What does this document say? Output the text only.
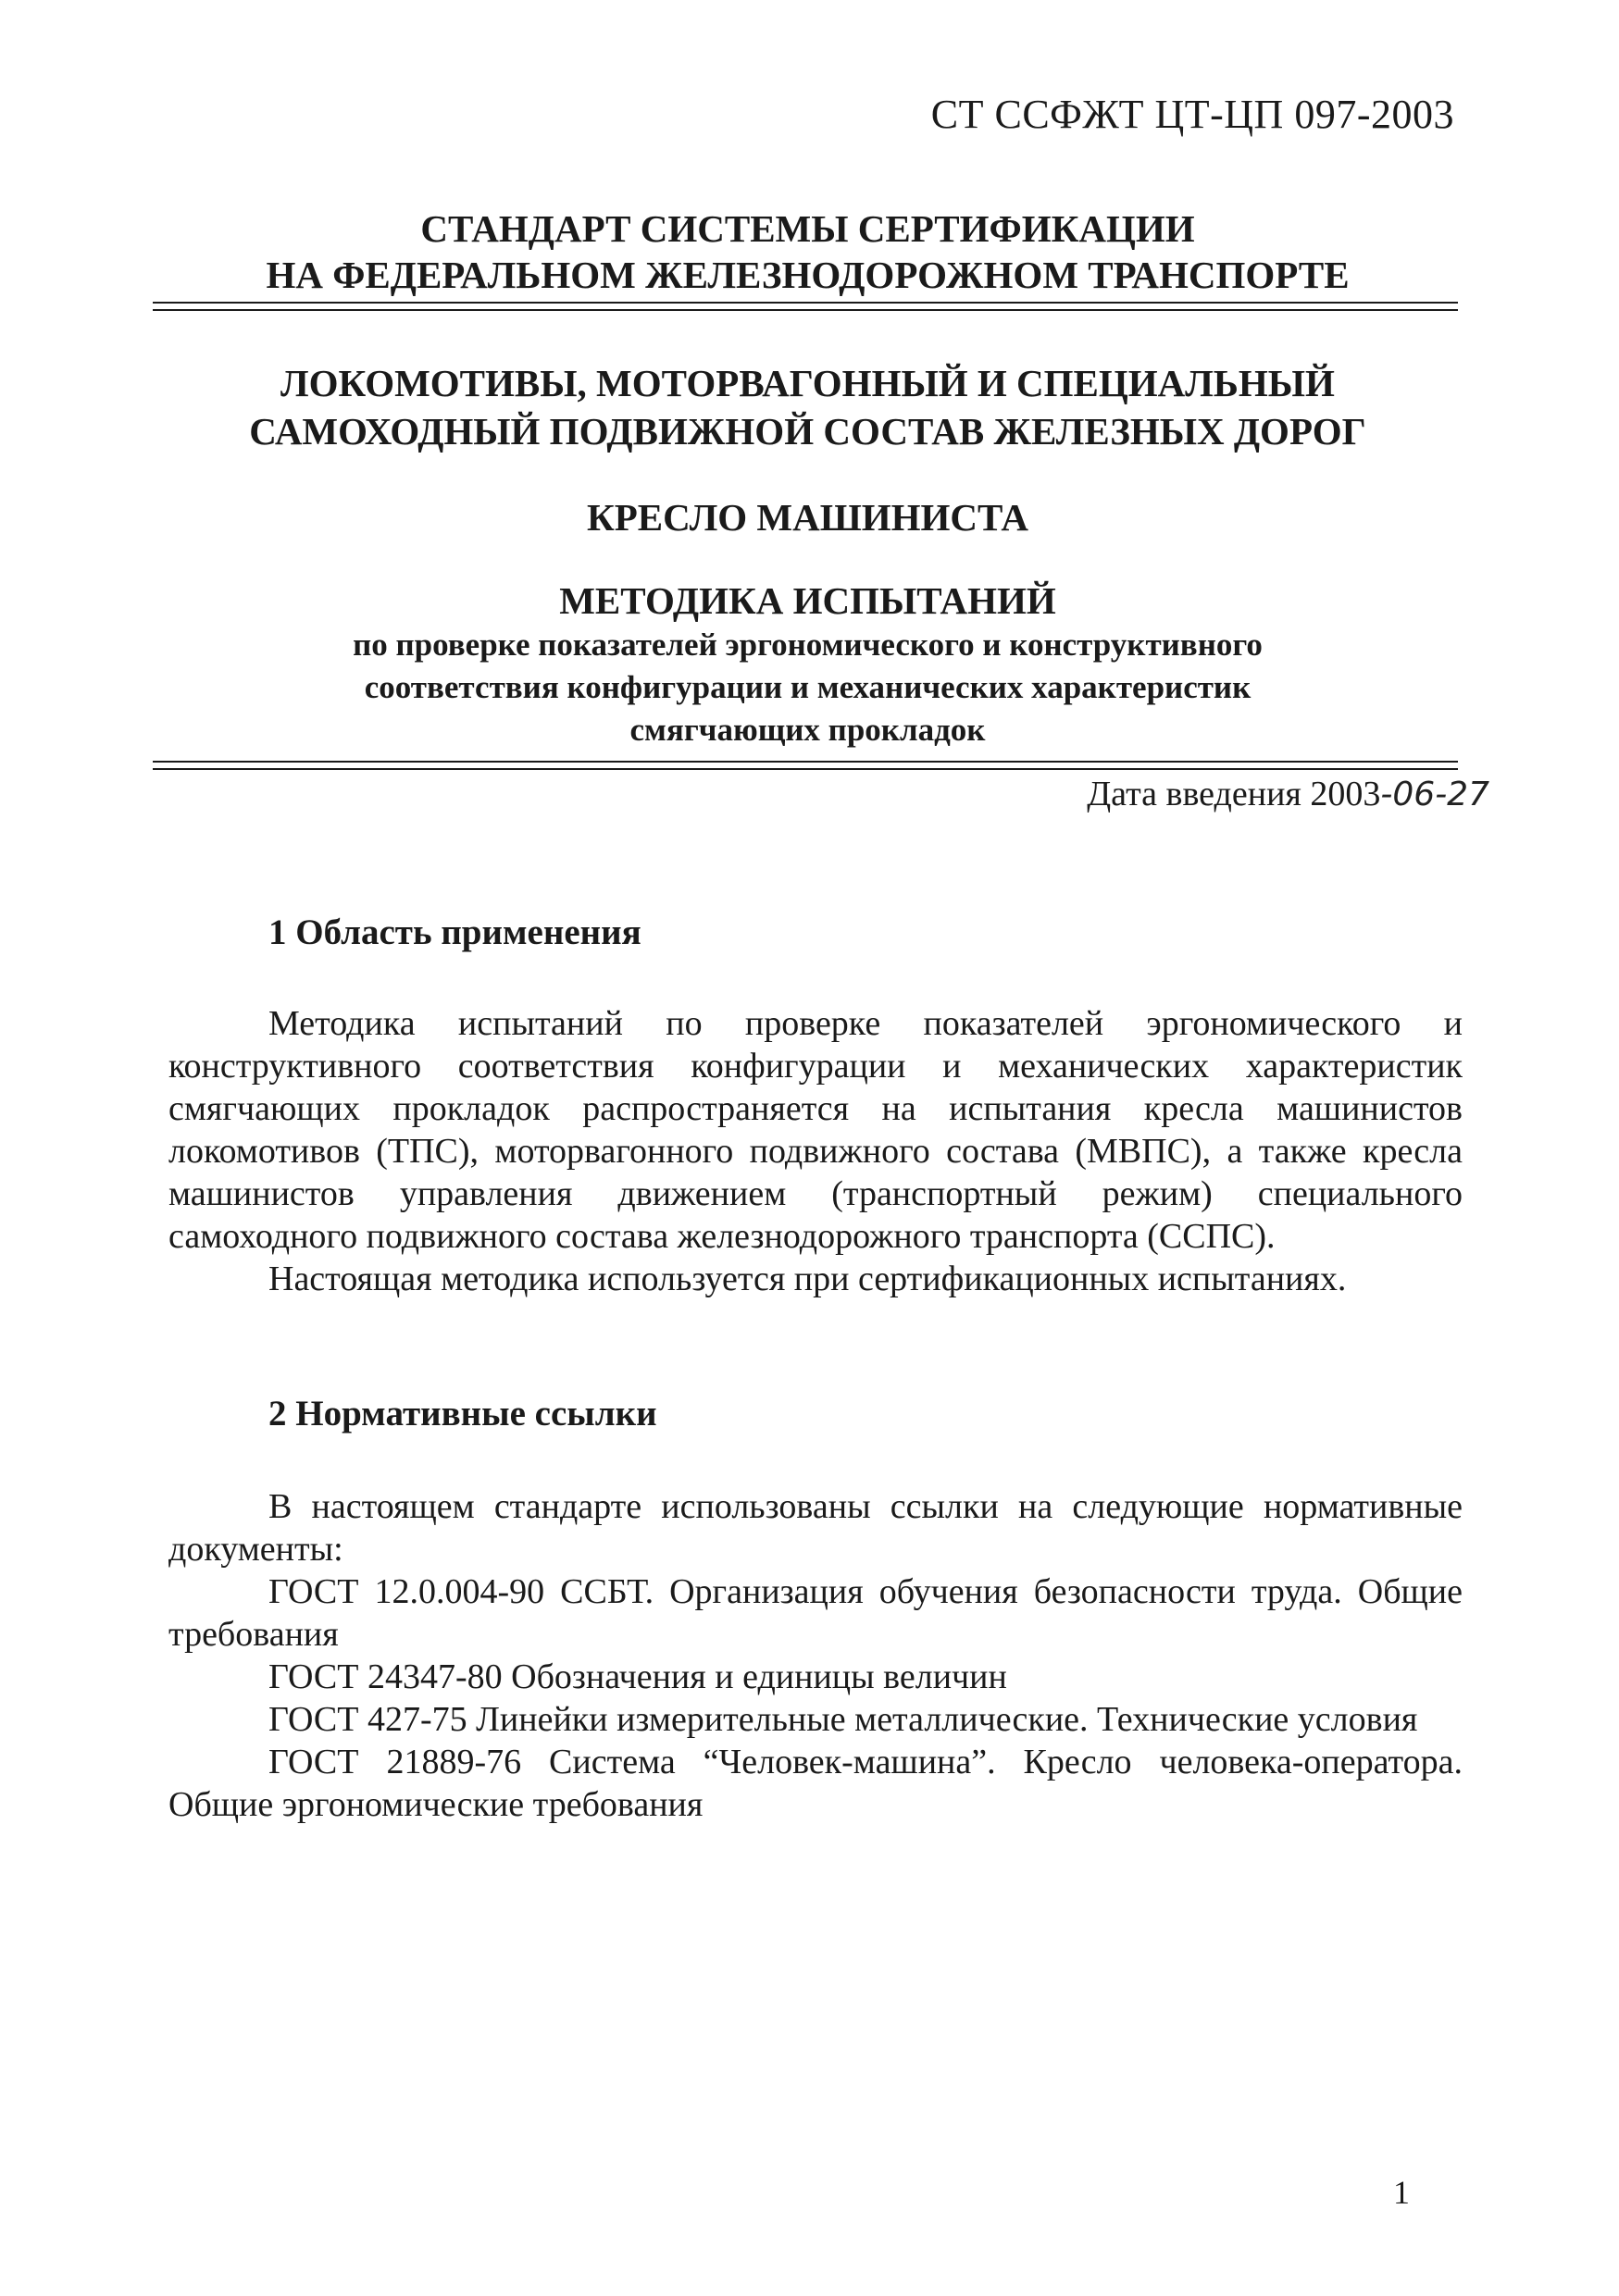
СТ ССФЖТ ЦТ-ЦП 097-2003
СТАНДАРТ СИСТЕМЫ СЕРТИФИКАЦИИ
НА ФЕДЕРАЛЬНОМ ЖЕЛЕЗНОДОРОЖНОМ ТРАНСПОРТЕ
ЛОКОМОТИВЫ, МОТОРВАГОННЫЙ И СПЕЦИАЛЬНЫЙ
САМОХОДНЫЙ ПОДВИЖНОЙ СОСТАВ ЖЕЛЕЗНЫХ ДОРОГ
КРЕСЛО МАШИНИСТА
МЕТОДИКА ИСПЫТАНИЙ
по проверке показателей эргономического и конструктивного
соответствия конфигурации и механических характеристик
смягчающих прокладок
Дата введения 2003-06-27
1 Область применения

Методика испытаний по проверке показателей эргономического и конструктивного соответствия конфигурации и механических характеристик смягчающих прокладок распространяется на испытания кресла машинистов локомотивов (ТПС), моторвагонного подвижного состава (МВПС), а также кресла машинистов управления движением (транспортный режим) специального самоходного подвижного состава железнодорожного транспорта (ССПС).

Настоящая методика используется при сертификационных испытаниях.

2 Нормативные ссылки

В настоящем стандарте использованы ссылки на следующие нормативные документы:

ГОСТ 12.0.004-90 ССБТ. Организация обучения безопасности труда. Общие требования

ГОСТ 24347-80 Обозначения и единицы величин

ГОСТ 427-75 Линейки измерительные металлические. Технические условия

ГОСТ 21889-76 Система “Человек-машина”. Кресло человека-оператора. Общие эргономические требования

1
